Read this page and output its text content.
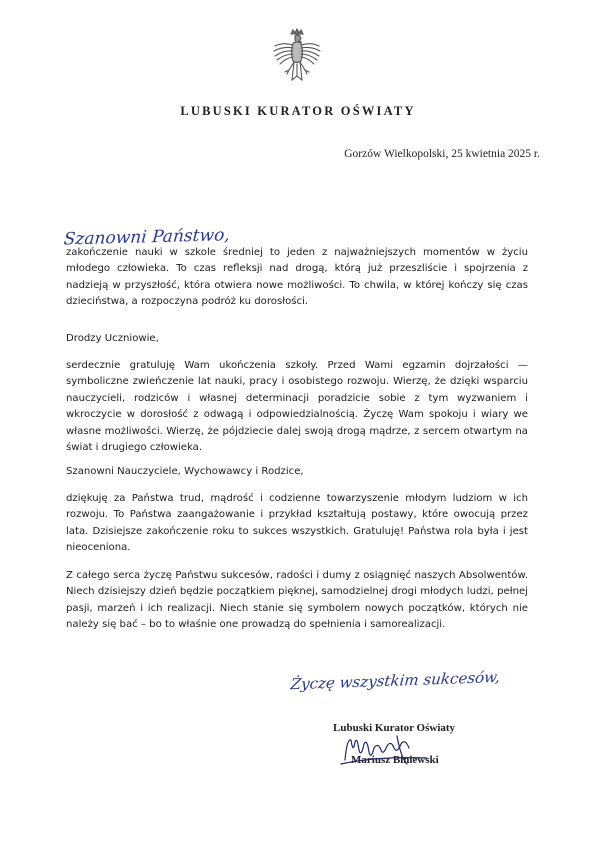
LUBUSKI KURATOR OŚWIATY
Gorzów Wielkopolski, 25 kwietnia 2025 r.
Szanowni Państwo,

zakończenie nauki w szkole średniej to jeden z najważniejszych momentów w życiu młodego człowieka. To czas refleksji nad drogą, którą już przeszliście i spojrzenia z nadzieją w przyszłość, która otwiera nowe możliwości. To chwila, w której kończy się czas dzieciństwa, a rozpoczyna podróż ku dorosłości.

Drodzy Uczniowie,

serdecznie gratuluję Wam ukończenia szkoły. Przed Wami egzamin dojrzałości — symboliczne zwieńczenie lat nauki, pracy i osobistego rozwoju. Wierzę, że dzięki wsparciu nauczycieli, rodziców i własnej determinacji poradzicie sobie z tym wyzwaniem i wkroczycie w dorosłość z odwagą i odpowiedzialnością. Życzę Wam spokoju i wiary we własne możliwości. Wierzę, że pójdziecie dalej swoją drogą mądrze, z sercem otwartym na świat i drugiego człowieka.

Szanowni Nauczyciele, Wychowawcy i Rodzice,

dziękuję za Państwa trud, mądrość i codzienne towarzyszenie młodym ludziom w ich rozwoju. To Państwa zaangażowanie i przykład kształtują postawy, które owocują przez lata. Dzisiejsze zakończenie roku to sukces wszystkich. Gratuluję! Państwa rola była i jest nieoceniona.

Z całego serca życzę Państwu sukcesów, radości i dumy z osiągnięć naszych Absolwentów. Niech dzisiejszy dzień będzie początkiem pięknej, samodzielnej drogi młodych ludzi, pełnej pasji, marzeń i ich realizacji. Niech stanie się symbolem nowych początków, których nie należy się bać – bo to właśnie one prowadzą do spełnienia i samorealizacji.

Życzę wszystkim sukcesów,
Lubuski Kurator Oświaty
Mariusz Biniewski
